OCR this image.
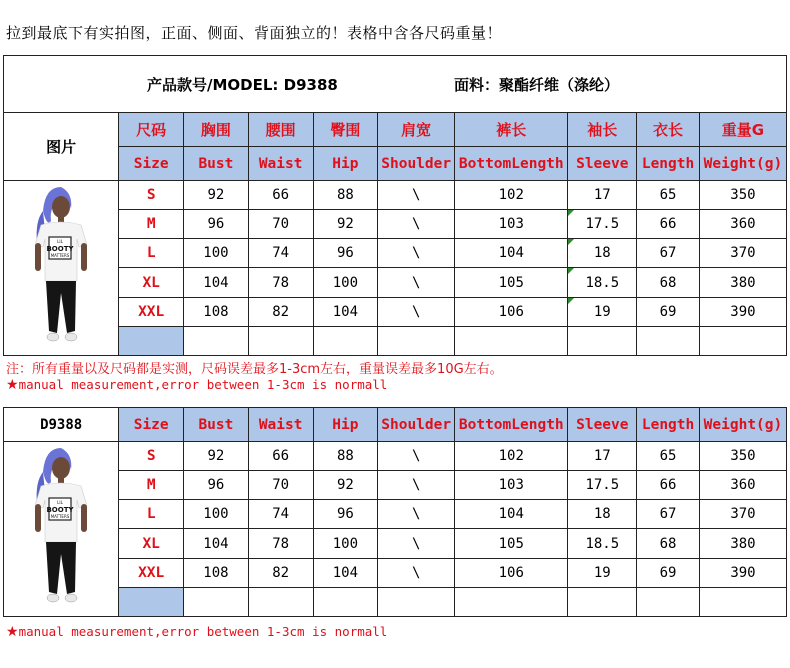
拉到最底下有实拍图，正面、侧面、背面独立的！表格中含各尺码重量！
产品款号/MODEL: D9388 面料：聚酯纤维（涤纶）									

图片	尺码	胸围	腰围	臀围	肩宽	裤长	袖长	衣长	重量G
	Size	Bust	Waist	Hip	Shoulder	BottomLength	Sleeve	Length	Weight(g)

LIL
BOOTY
MATTERS	S	92	66	88	\	102	17	65	350
	M	96	70	92	\	103	17.5	66	360
	L	100	74	96	\	104	18	67	370
	XL	104	78	100	\	105	18.5	68	380
	XXL	108	82	104	\	106	19	69	390

注：所有重量以及尺码都是实测，尺码误差最多1-3cm左右，重量误差最多10G左右。
★manual measurement,error between 1-3cm is normall
D9388	Size	Bust	Waist	Hip	Shoulder	BottomLength	Sleeve	Length	Weight(g)

LIL
BOOTY
MATTERS	S	92	66	88	\	102	17	65	350
	M	96	70	92	\	103	17.5	66	360
	L	100	74	96	\	104	18	67	370
	XL	104	78	100	\	105	18.5	68	380
	XXL	108	82	104	\	106	19	69	390

★manual measurement,error between 1-3cm is normall
